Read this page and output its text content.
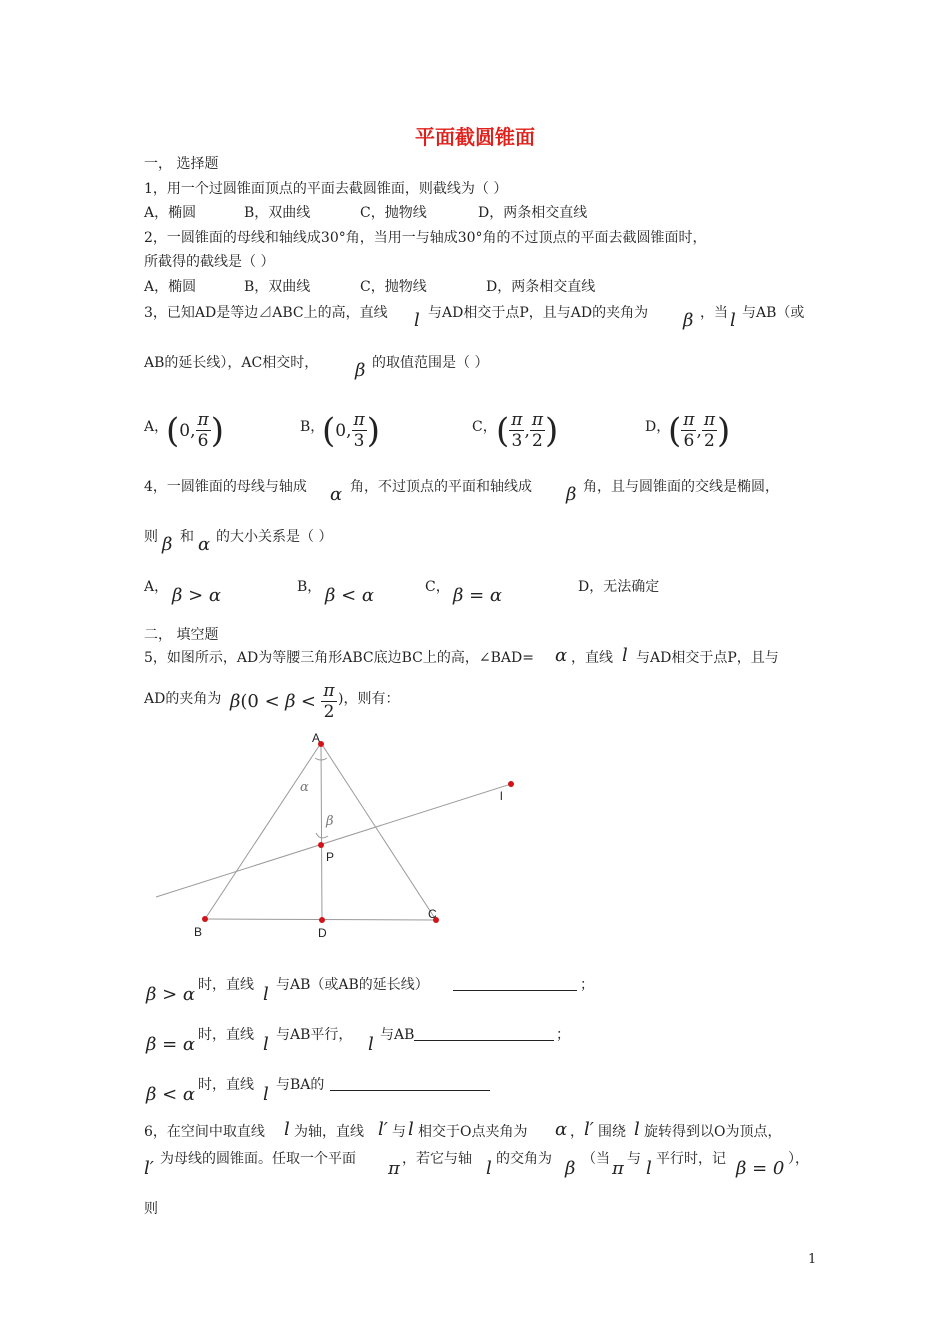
平面截圆锥面
一， 选择题
1，用一个过圆锥面顶点的平面去截圆锥面，则截线为（ ）
A，椭圆	B，双曲线	C，抛物线	D，两条相交直线
2，一圆锥面的母线和轴线成30°角，当用一与轴成30°角的不过顶点的平面去截圆锥面时，
所截得的截线是（ ）
A，椭圆	B，双曲线	C，抛物线	D，两条相交直线
3，已知AD是等边⊿ABC上的高，直线 l 与AD相交于点P，且与AD的夹角为 β ，当 l 与AB（或
AB的延长线），AC相交时， β 的取值范围是（ ）
A，
( 0, $\frac{\pi}{6}$ )	B，
( 0, $\frac{\pi}{3}$ )	C， ( $\frac{\pi}{3}$ , $\frac{\pi}{2}$ )	D，
( $\frac{\pi}{6}$ , $\frac{\pi}{2}$ )
4，一圆锥面的母线与轴成 α 角，不过顶点的平面和轴线成 β 角，且与圆锥面的交线是椭圆，
则 β 和 α 的大小关系是（ ）
A， β > α	B， β < α	C， β = α	D，无法确定
二， 填空题
5，如图所示，AD为等腰三角形ABC底边BC上的高，∠BAD= α ，直线 l 与AD相交于点P，且与
AD的夹角为 β (0 <
β
<
$\frac{\pi}{2}$ )，则有：
A
B
C
D
P
l
α
β
β > α 时，直线 l 与AB（或AB的延长线）	；
β = α 时，直线 l 与AB平行， l 与AB	；
β < α 时，直线 l 与BA的
6，在空间中取直线 l 为轴，直线 l′ 与 l 相交于O点夹角为 α ， l′ 围绕 l 旋转得到以O为顶点，
l′ 为母线的圆锥面。任取一个平面 π ，若它与轴 l 的交角为 β （当 π 与 l 平行时，记 β = 0 ），
则
1
